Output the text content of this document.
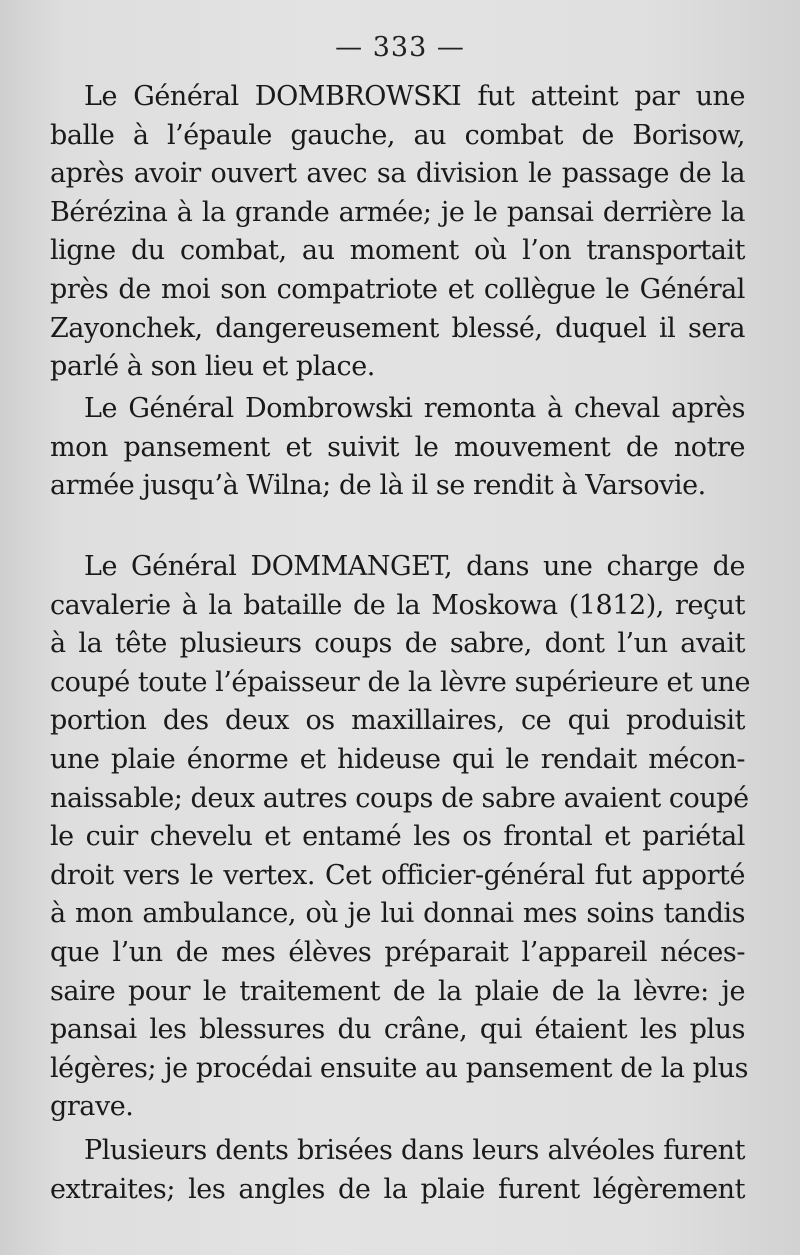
— 333 —
Le Général DOMBROWSKI fut atteint par une
balle à l’épaule gauche, au combat de Borisow,
après avoir ouvert avec sa division le passage de la
Bérézina à la grande armée; je le pansai derrière la
ligne du combat, au moment où l’on transportait
près de moi son compatriote et collègue le Général
Zayonchek, dangereusement blessé, duquel il sera
parlé à son lieu et place.
Le Général Dombrowski remonta à cheval après
mon pansement et suivit le mouvement de notre
armée jusqu’à Wilna; de là il se rendit à Varsovie.
Le Général DOMMANGET, dans une charge de
cavalerie à la bataille de la Moskowa (1812), reçut
à la tête plusieurs coups de sabre, dont l’un avait
coupé toute l’épaisseur de la lèvre supérieure et une
portion des deux os maxillaires, ce qui produisit
une plaie énorme et hideuse qui le rendait mécon-
naissable; deux autres coups de sabre avaient coupé
le cuir chevelu et entamé les os frontal et pariétal
droit vers le vertex. Cet officier-général fut apporté
à mon ambulance, où je lui donnai mes soins tandis
que l’un de mes élèves préparait l’appareil néces-
saire pour le traitement de la plaie de la lèvre: je
pansai les blessures du crâne, qui étaient les plus
légères; je procédai ensuite au pansement de la plus
grave.
Plusieurs dents brisées dans leurs alvéoles furent
extraites; les angles de la plaie furent légèrement
